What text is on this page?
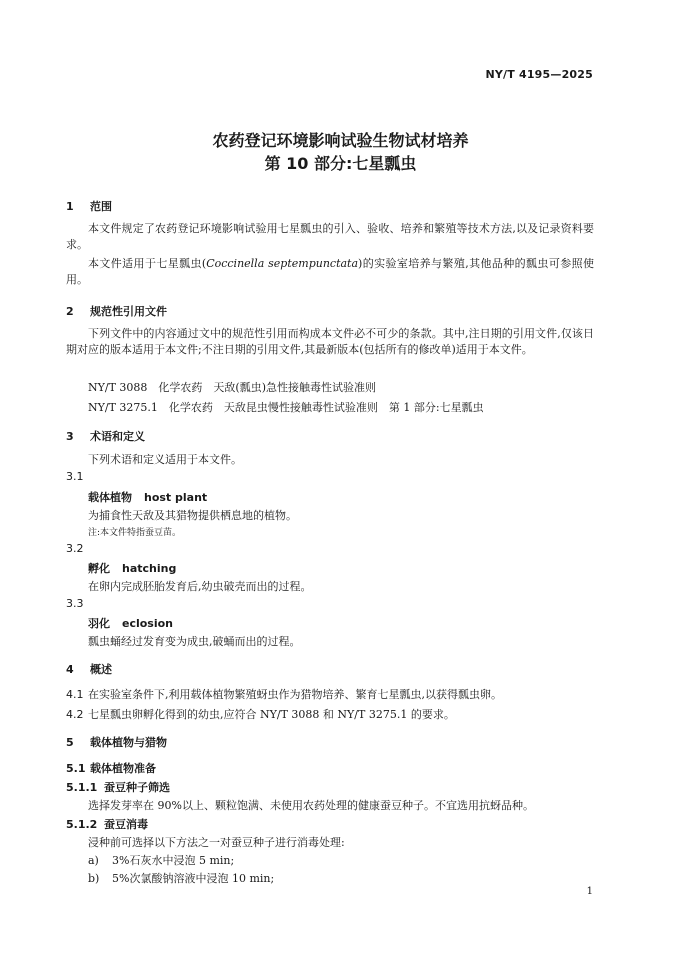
NY/T 4195—2025
农药登记环境影响试验生物试材培养
第 10 部分:七星瓢虫
1 范围
本文件规定了农药登记环境影响试验用七星瓢虫的引入、验收、培养和繁殖等技术方法,以及记录资料要求。
本文件适用于七星瓢虫(Coccinella septempunctata)的实验室培养与繁殖,其他品种的瓢虫可参照使用。
2 规范性引用文件
下列文件中的内容通过文中的规范性引用而构成本文件必不可少的条款。其中,注日期的引用文件,仅该日期对应的版本适用于本文件;不注日期的引用文件,其最新版本(包括所有的修改单)适用于本文件。
NY/T 3088　化学农药　天敌(瓢虫)急性接触毒性试验准则
NY/T 3275.1　化学农药　天敌昆虫慢性接触毒性试验准则　第 1 部分:七星瓢虫
3 术语和定义
下列术语和定义适用于本文件。
3.1
载体植物 host plant
为捕食性天敌及其猎物提供栖息地的植物。
注:本文件特指蚕豆苗。
3.2
孵化 hatching
在卵内完成胚胎发育后,幼虫破壳而出的过程。
3.3
羽化 eclosion
瓢虫蛹经过发育变为成虫,破蛹而出的过程。
4 概述
4.1 在实验室条件下,利用载体植物繁殖蚜虫作为猎物培养、繁育七星瓢虫,以获得瓢虫卵。
4.2 七星瓢虫卵孵化得到的幼虫,应符合 NY/T 3088 和 NY/T 3275.1 的要求。
5 载体植物与猎物
5.1 载体植物准备
5.1.1 蚕豆种子筛选
选择发芽率在 90%以上、颗粒饱满、未使用农药处理的健康蚕豆种子。不宜选用抗蚜品种。
5.1.2 蚕豆消毒
浸种前可选择以下方法之一对蚕豆种子进行消毒处理:
a) 3%石灰水中浸泡 5 min;
b) 5%次氯酸钠溶液中浸泡 10 min;
1
